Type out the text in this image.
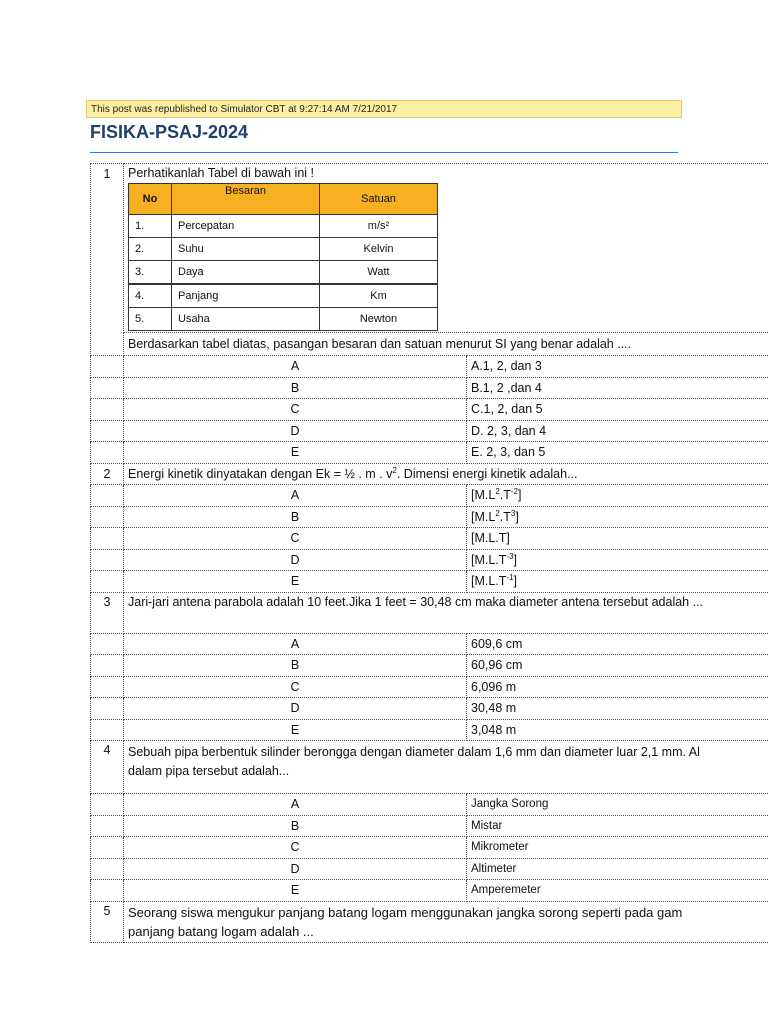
This post was republished to Simulator CBT at 9:27:14 AM 7/21/2017
FISIKA-PSAJ-2024
1	Perhatikanlah Tabel di bawah ini !
No	Besaran	Satuan
1.	Percepatan	m/s²
2.	Suhu	Kelvin
3.	Daya	Watt
4.	Panjang	Km
5.	Usaha	Newton

Berdasarkan tabel diatas, pasangan besaran dan satuan menurut SI yang benar adalah ....
	A	A.1, 2, dan 3
	B	B.1, 2 ,dan 4
	C	C.1, 2, dan 5
	D	D. 2, 3, dan 4
	E	E. 2, 3, dan 5
2	Energi kinetik dinyatakan dengan Ek = ½ . m . $v^2$. Dimensi energi kinetik adalah...
	A	$[M.L^2.T^{-2}]$
	B	$[M.L^2.T^3]$
	C	[M.L.T]
	D	$[M.L.T^{-3}]$
	E	$[M.L.T^{-1}]$
3	Jari-jari antena parabola adalah 10 feet.Jika 1 feet = 30,48 cm maka diameter antena tersebut adalah ...
	A	609,6 cm
	B	60,96 cm
	C	6,096 m
	D	30,48 m
	E	3,048 m
4	Sebuah pipa berbentuk silinder berongga dengan diameter dalam 1,6 mm dan diameter luar 2,1 mm. Al
dalam pipa tersebut adalah...

	A	Jangka Sorong
	B	Mistar
	C	Mikrometer
	D	Altimeter
	E	Amperemeter
5	Seorang siswa mengukur panjang batang logam menggunakan jangka sorong seperti pada gam
panjang batang logam adalah ...
